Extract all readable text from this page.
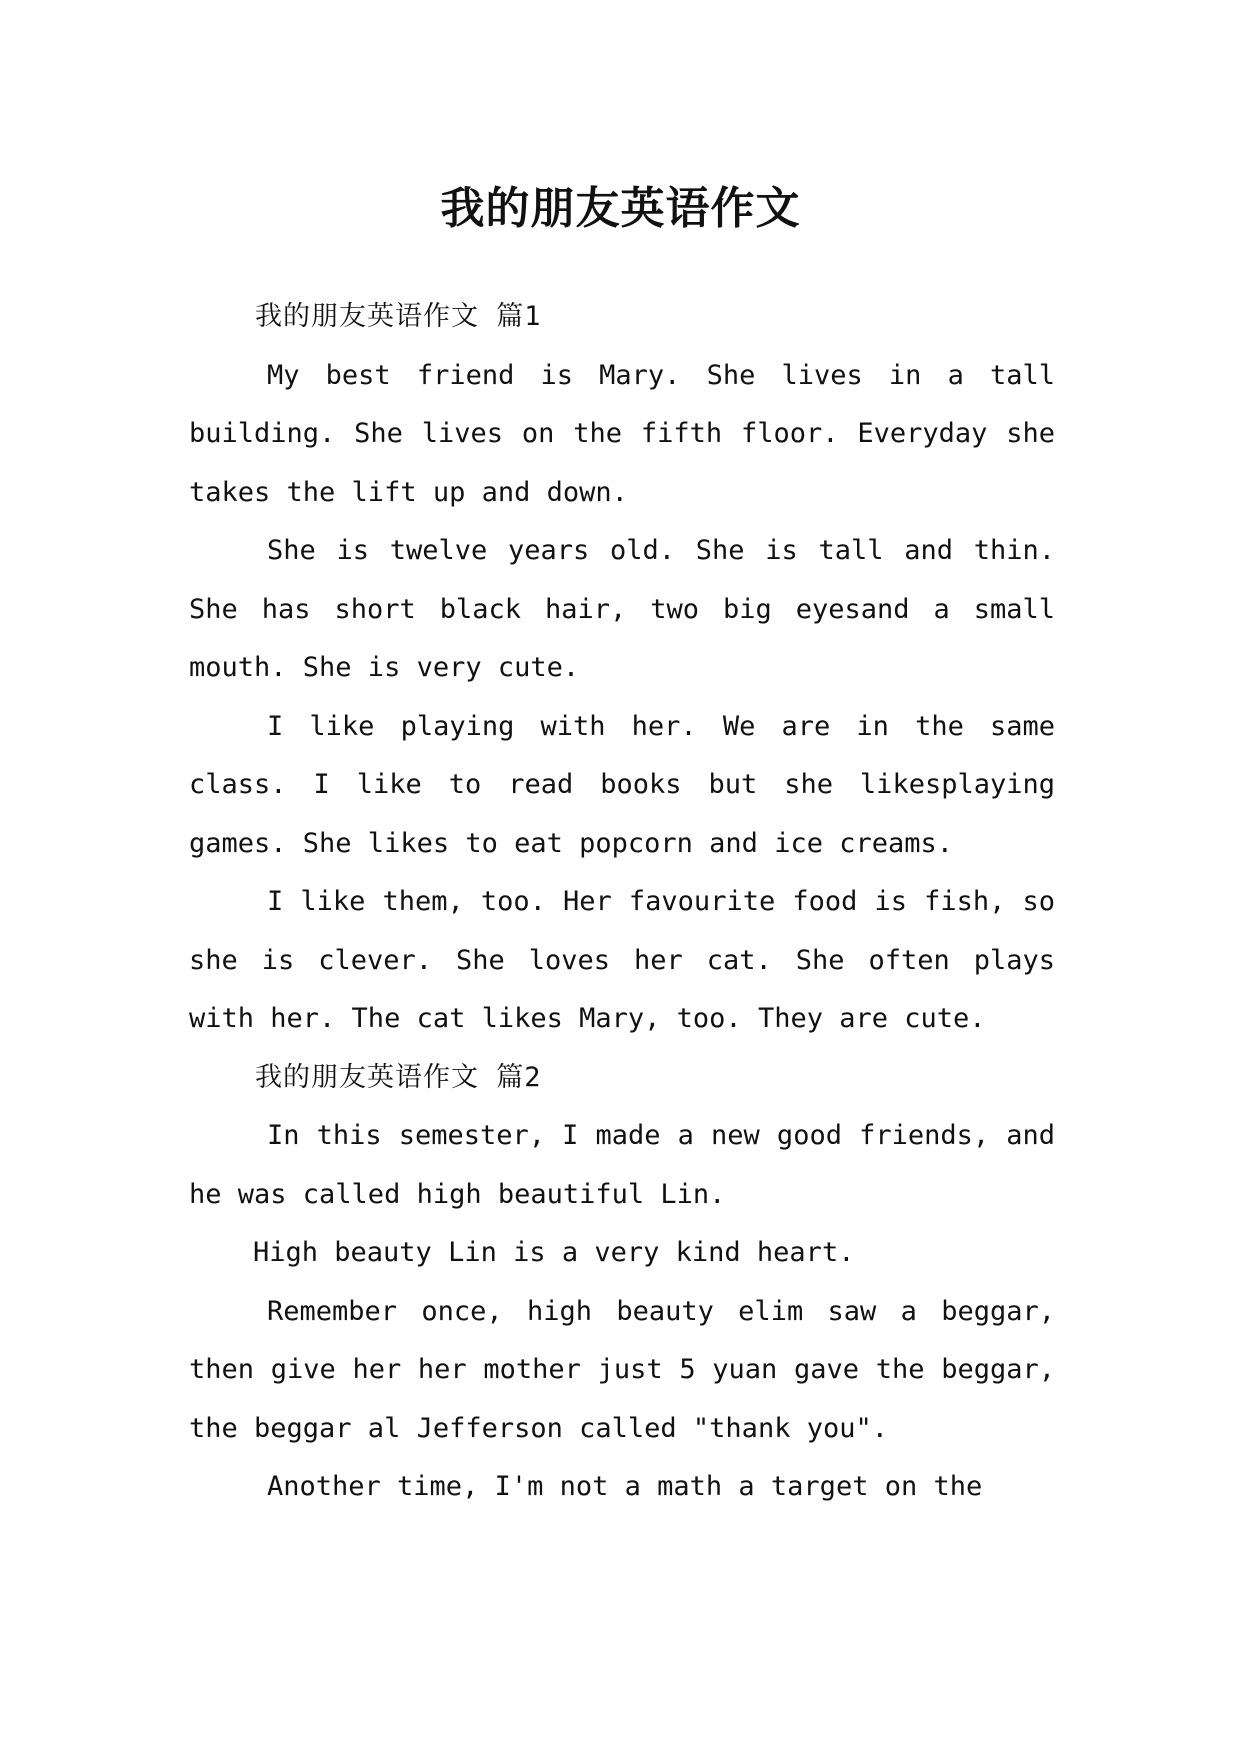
我的朋友英语作文

我的朋友英语作文 篇1

My best friend is Mary. She lives in a tall building. She lives on the fifth floor. Everyday she takes the lift up and down.

She is twelve years old. She is tall and thin. She has short black hair, two big eyesand a small mouth. She is very cute.

I like playing with her. We are in the same class. I like to read books but she likesplaying games. She likes to eat popcorn and ice creams.

I like them, too. Her favourite food is fish, so she is clever. She loves her cat. She often plays with her. The cat likes Mary, too. They are cute.

我的朋友英语作文 篇2

In this semester, I made a new good friends, and he was called high beautiful Lin.

High beauty Lin is a very kind heart.

Remember once, high beauty elim saw a beggar, then give her her mother just 5 yuan gave the beggar, the beggar al Jefferson called "thank you".

Another time, I'm not a math a target on the
